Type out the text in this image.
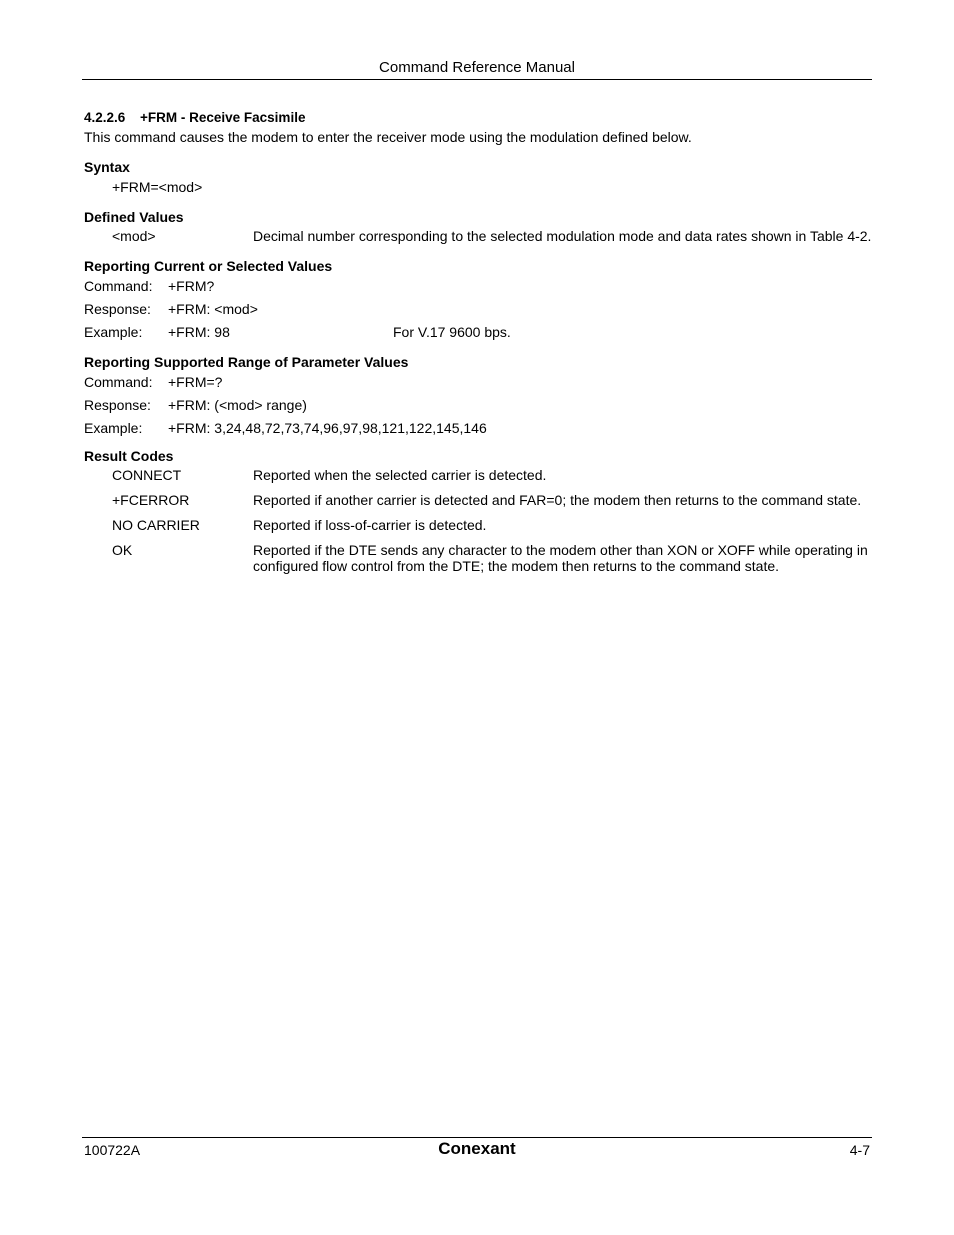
Command Reference Manual

4.2.2.6 +FRM - Receive Facsimile

This command causes the modem to enter the receiver mode using the modulation defined below.

Syntax
+FRM=<mod>
Defined Values
<mod>	Decimal number corresponding to the selected modulation mode and data rates shown in Table 4-2.
Reporting Current or Selected Values
Command:	+FRM?
Response:	+FRM: <mod>
Example:	+FRM: 98	For V.17 9600 bps.
Reporting Supported Range of Parameter Values
Command:	+FRM=?
Response:	+FRM: (<mod> range)
Example:	+FRM: 3,24,48,72,73,74,96,97,98,121,122,145,146
Result Codes
CONNECT	Reported when the selected carrier is detected.
+FCERROR	Reported if another carrier is detected and FAR=0; the modem then returns to the command state.
NO CARRIER	Reported if loss-of-carrier is detected.
OK	Reported if the DTE sends any character to the modem other than XON or XOFF while operating in configured flow control from the DTE; the modem then returns to the command state.
100722A	Conexant	4-7
